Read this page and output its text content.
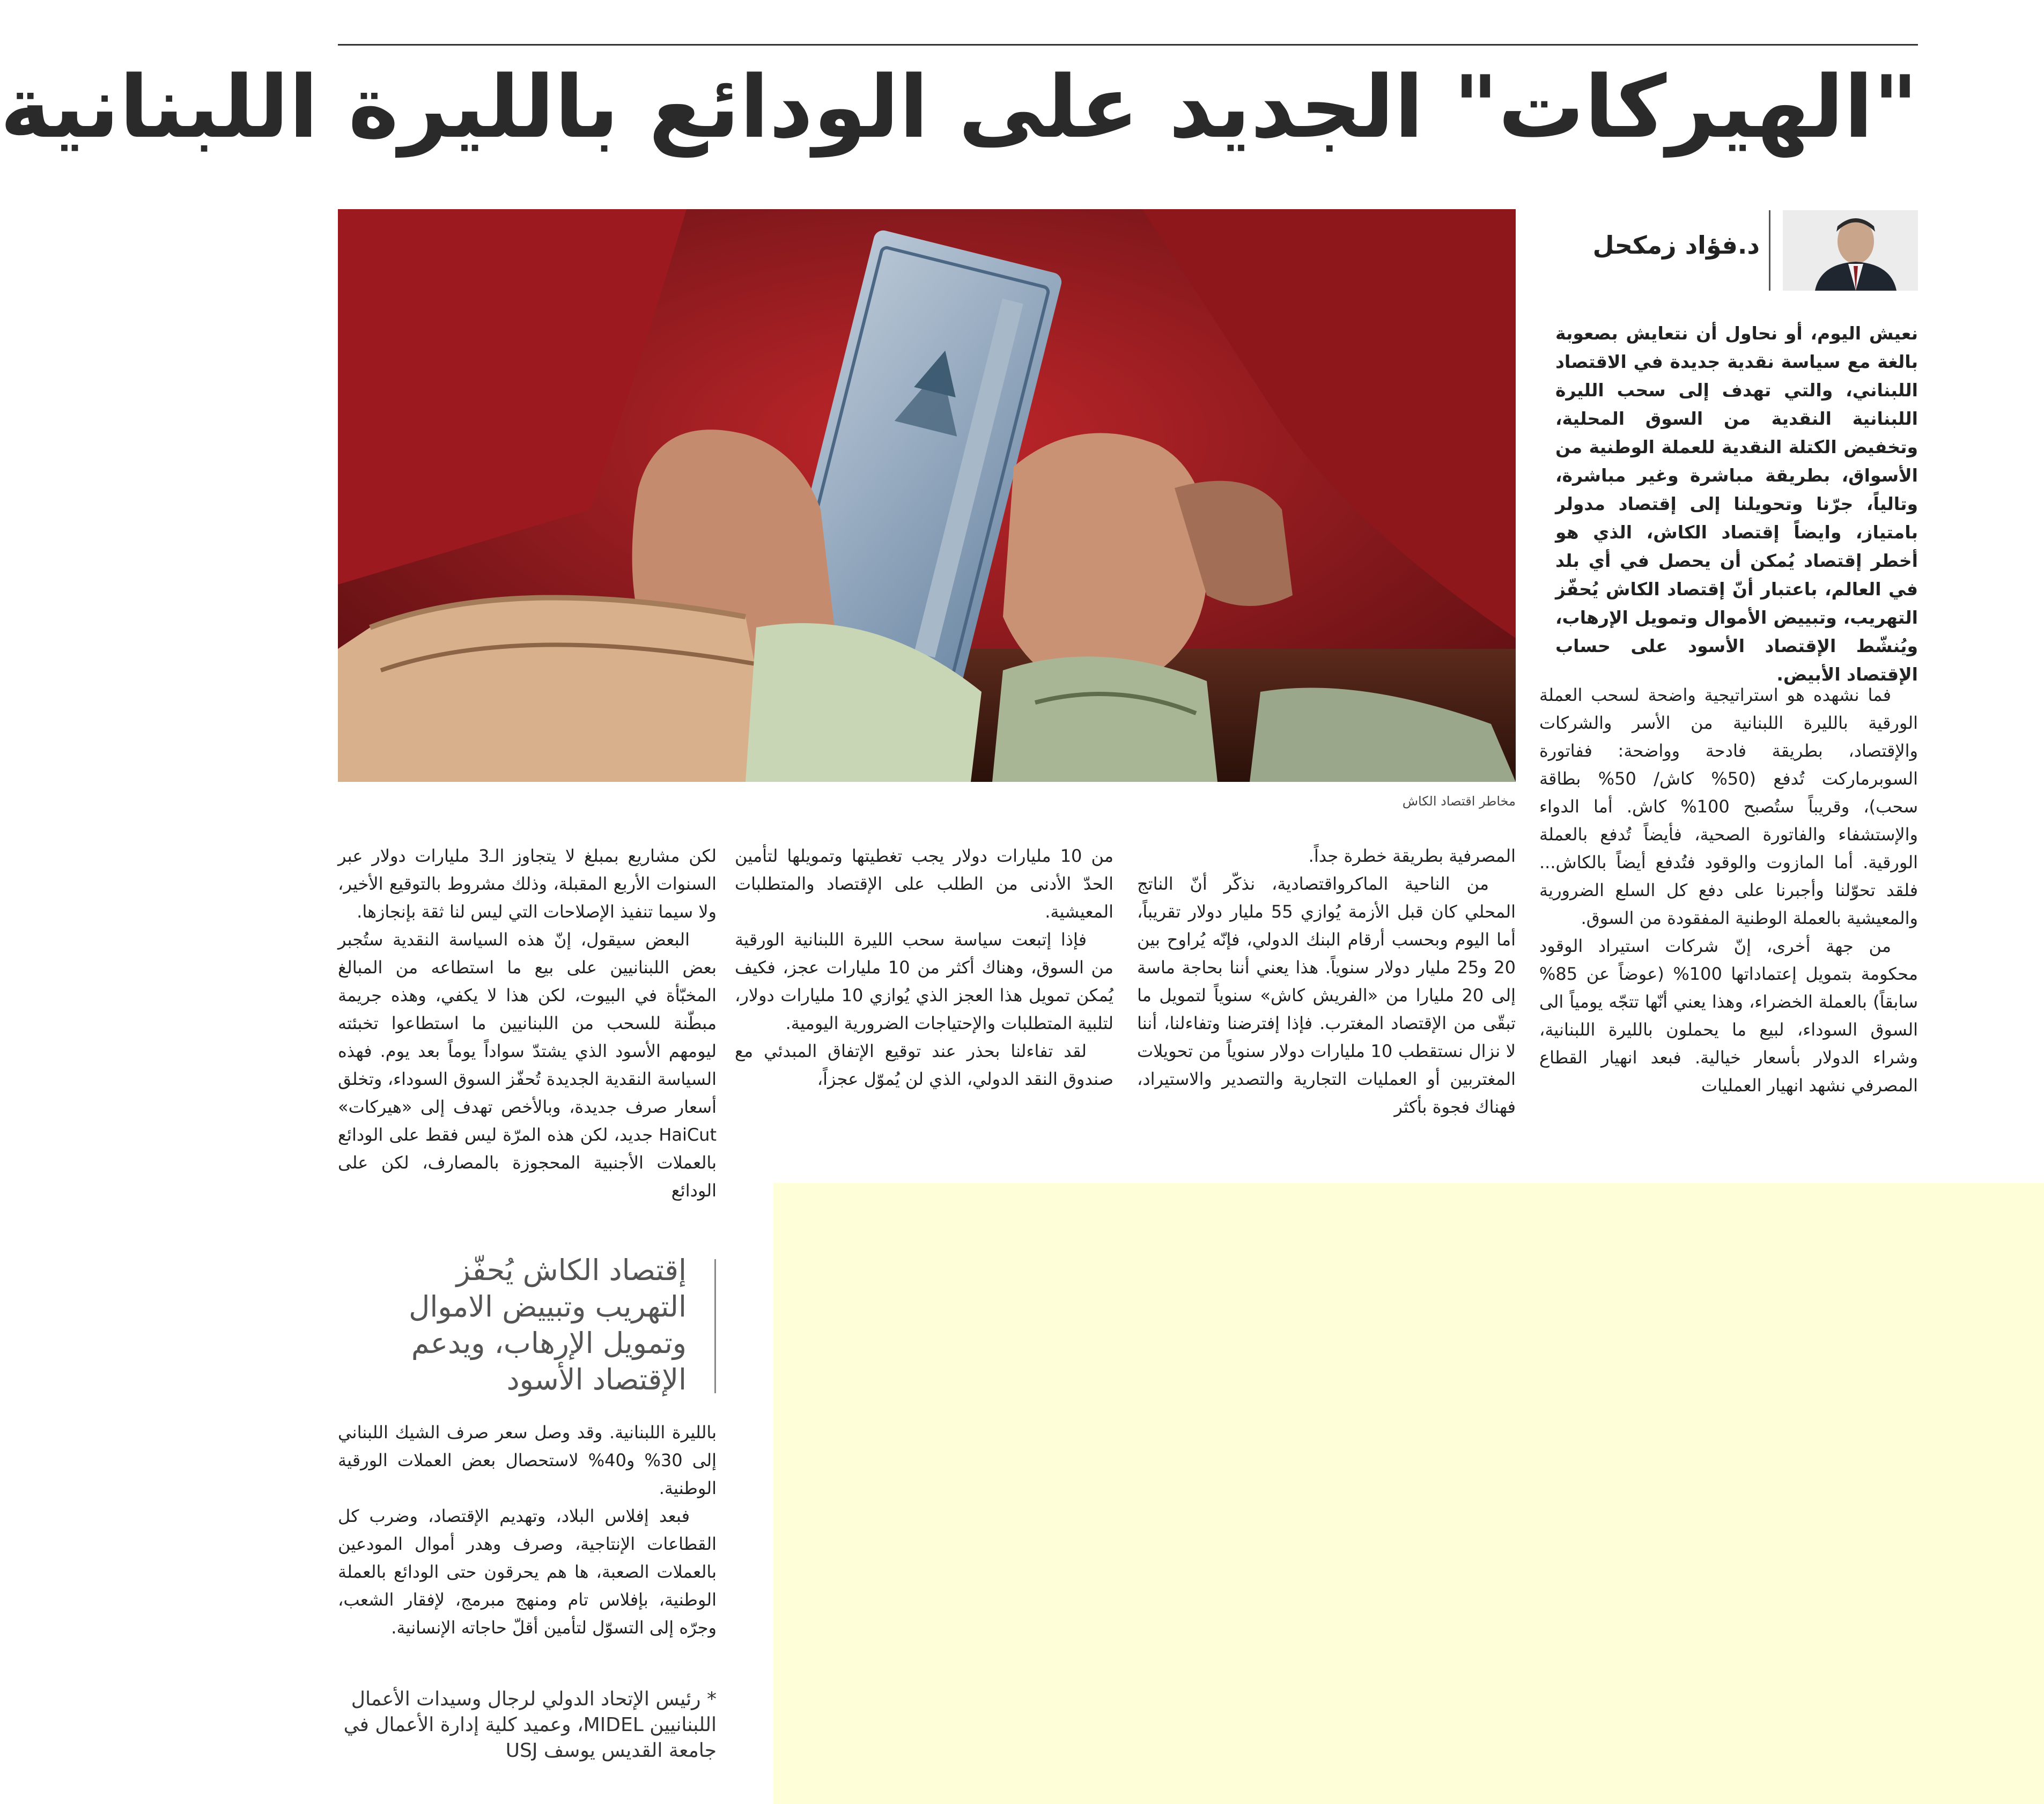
"الهيركات" الجديد على الودائع بالليرة اللبنانية
د.فؤاد زمكحل
مخاطر اقتصاد الكاش
نعيش اليوم، أو نحاول أن نتعايش بصعوبة بالغة مع سياسة نقدية جديدة في الاقتصاد اللبناني، والتي تهدف إلى سحب الليرة اللبنانية النقدية من السوق المحلية، وتخفيض الكتلة النقدية للعملة الوطنية من الأسواق، بطريقة مباشرة وغير مباشرة، وتالياً، جرّنا وتحويلنا إلى إقتصاد مدولر بامتياز، وايضاً إقتصاد الكاش، الذي هو أخطر إقتصاد يُمكن أن يحصل في أي بلد في العالم، باعتبار أنّ إقتصاد الكاش يُحفّز التهريب، وتبييض الأموال وتمويل الإرهاب، ويُنشّط الإقتصاد الأسود على حساب الإقتصاد الأبيض.

فما نشهده هو استراتيجية واضحة لسحب العملة الورقية بالليرة اللبنانية من الأسر والشركات والإقتصاد، بطريقة فادحة وواضحة: ففاتورة السوبرماركت تُدفع (50% كاش/ 50% بطاقة سحب)، وقريباً ستُصبح 100% كاش. أما الدواء والإستشفاء والفاتورة الصحية، فأيضاً تُدفع بالعملة الورقية. أما المازوت والوقود فتُدفع أيضاً بالكاش... فلقد تحوّلنا وأجبرنا على دفع كل السلع الضرورية والمعيشية بالعملة الوطنية المفقودة من السوق.

من جهة أخرى، إنّ شركات استيراد الوقود محكومة بتمويل إعتماداتها 100% (عوضاً عن 85% سابقاً) بالعملة الخضراء، وهذا يعني أنّها تتجّه يومياً الى السوق السوداء، لبيع ما يحملون بالليرة اللبنانية، وشراء الدولار بأسعار خيالية. فبعد انهيار القطاع المصرفي نشهد انهيار العمليات

المصرفية بطريقة خطرة جداً.

من الناحية الماكرواقتصادية، نذكّر أنّ الناتج المحلي كان قبل الأزمة يُوازي 55 مليار دولار تقريباً، أما اليوم وبحسب أرقام البنك الدولي، فإنّه يُراوح بين 20 و25 مليار دولار سنوياً. هذا يعني أننا بحاجة ماسة إلى 20 مليارا من «الفريش كاش» سنوياً لتمويل ما تبقّى من الإقتصاد المغترب. فإذا إفترضنا وتفاءلنا، أننا لا نزال نستقطب 10 مليارات دولار سنوياً من تحويلات المغتربين أو العمليات التجارية والتصدير والاستيراد، فهناك فجوة بأكثر

من 10 مليارات دولار يجب تغطيتها وتمويلها لتأمين الحدّ الأدنى من الطلب على الإقتصاد والمتطلبات المعيشية.

فإذا إتبعت سياسة سحب الليرة اللبنانية الورقية من السوق، وهناك أكثر من 10 مليارات عجز، فكيف يُمكن تمويل هذا العجز الذي يُوازي 10 مليارات دولار، لتلبية المتطلبات والإحتياجات الضرورية اليومية.

لقد تفاءلنا بحذر عند توقيع الإتفاق المبدئي مع صندوق النقد الدولي، الذي لن يُموّل عجزاً،

لكن مشاريع بمبلغ لا يتجاوز الـ3 مليارات دولار عبر السنوات الأربع المقبلة، وذلك مشروط بالتوقيع الأخير، ولا سيما تنفيذ الإصلاحات التي ليس لنا ثقة بإنجازها.

البعض سيقول، إنّ هذه السياسة النقدية ستُجبر بعض اللبنانيين على بيع ما استطاعه من المبالغ المخبّأة في البيوت، لكن هذا لا يكفي، وهذه جريمة مبطّنة للسحب من اللبنانيين ما استطاعوا تخبئته ليومهم الأسود الذي يشتدّ سواداً يوماً بعد يوم. فهذه السياسة النقدية الجديدة تُحفّز السوق السوداء، وتخلق أسعار صرف جديدة، وبالأخص تهدف إلى «هيركات» HaiCut جديد، لكن هذه المرّة ليس فقط على الودائع بالعملات الأجنبية المحجوزة بالمصارف، لكن على الودائع

إقتصاد الكاش يُحفّز التهريب وتبييض الاموال وتمويل الإرهاب، ويدعم الإقتصاد الأسود

بالليرة اللبنانية. وقد وصل سعر صرف الشيك اللبناني إلى 30% و40% لاستحصال بعض العملات الورقية الوطنية.

فبعد إفلاس البلاد، وتهديم الإقتصاد، وضرب كل القطاعات الإنتاجية، وصرف وهدر أموال المودعين بالعملات الصعبة، ها هم يحرقون حتى الودائع بالعملة الوطنية، بإفلاس تام ومنهج مبرمج، لإفقار الشعب، وجرّه إلى التسوّل لتأمين أقلّ حاجاته الإنسانية.

* رئيس الإتحاد الدولي لرجال وسيدات الأعمال اللبنانيين MIDEL، وعميد كلية إدارة الأعمال في جامعة القديس يوسف USJ
